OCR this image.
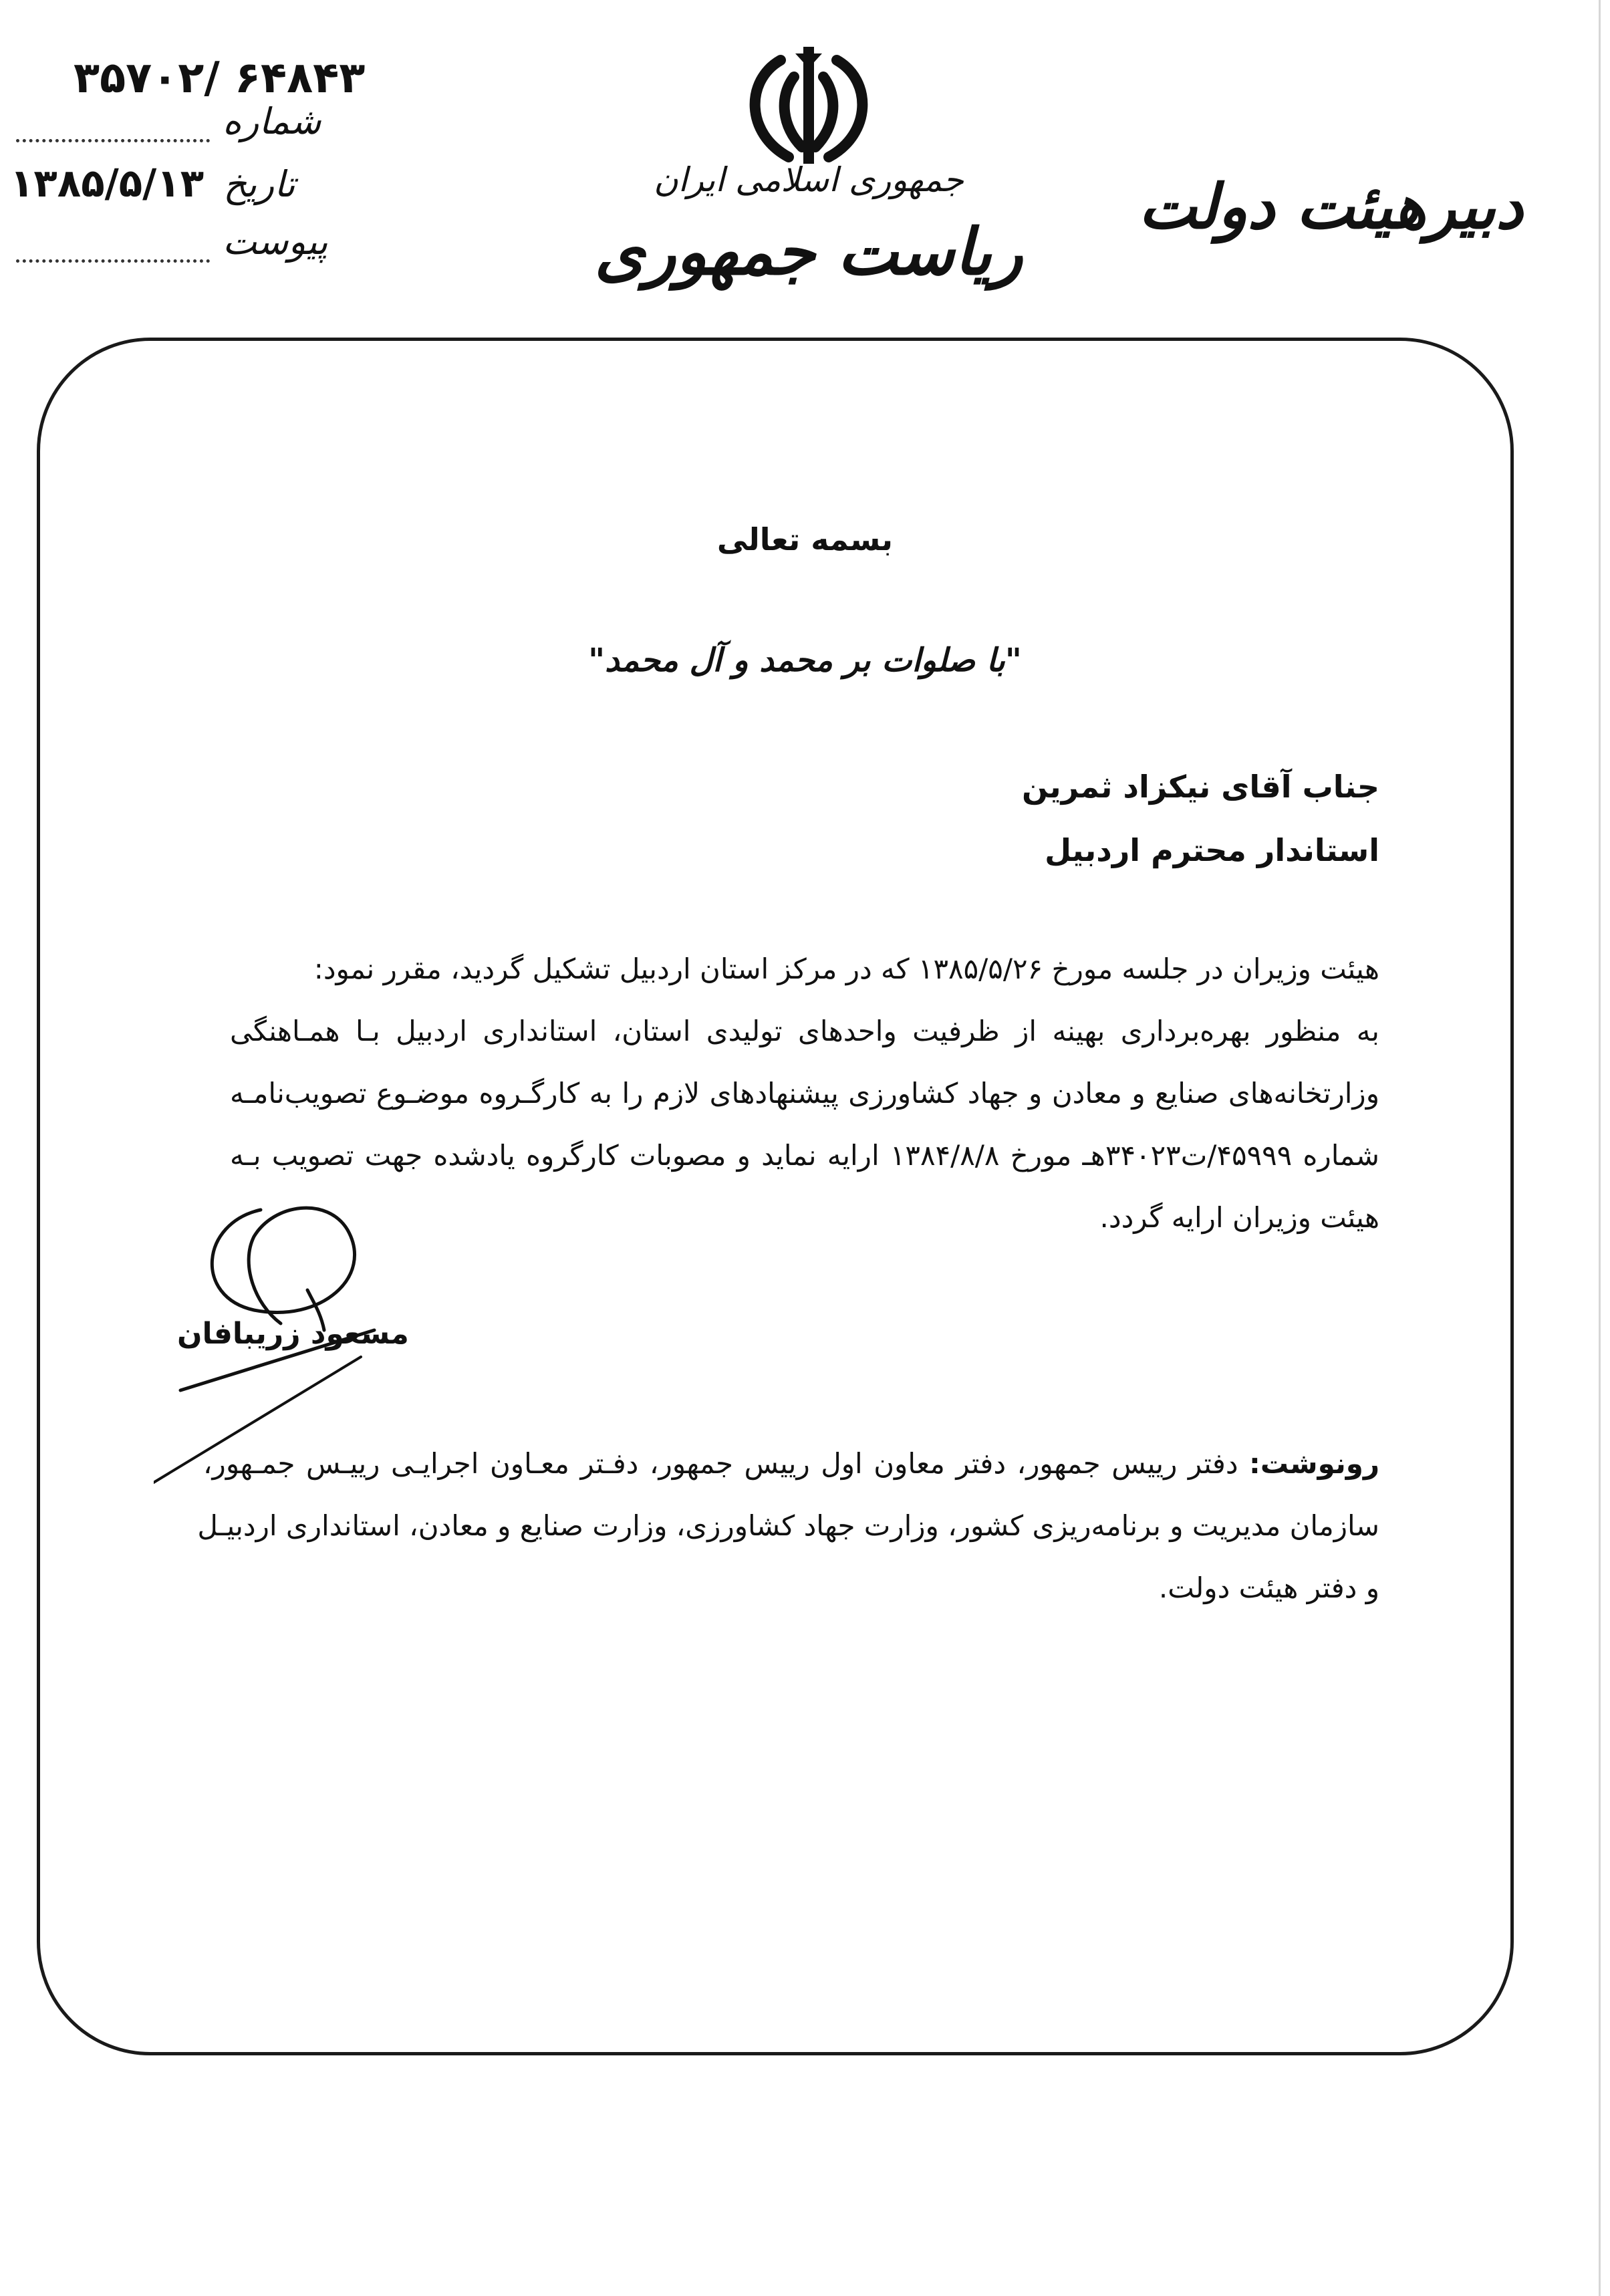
۳۵۷۰۲/ ۶۴۸۴۳
شماره
۱۳۸۵/۵/۱۳ تاریخ
پیوست
جمهوری اسلامی ایران
ریاست جمهوری
دبیرهیئت دولت
بسمه تعالی
"با صلوات بر محمد و آل محمد"
جناب آقای نیکزاد ثمرین
استاندار محترم اردبیل
هیئت وزیران در جلسه مورخ ۱۳۸۵/۵/۲۶ که در مرکز استان اردبیل تشکیل گردید، مقرر نمود:
به منظور بهره‌برداری بهینه از ظرفیت واحدهای تولیدی استان، استانداری اردبیل بـا همـاهنگی
وزارتخانه‌های صنایع و معادن و جهاد کشاورزی پیشنهادهای لازم را به کارگـروه موضـوع تصویب‌نامـه
شماره ۴۵۹۹۹/ت۳۴۰۲۳هـ مورخ ۱۳۸۴/۸/۸ ارایه نماید و مصوبات کارگروه یادشده جهت تصویب بـه
هیئت وزیران ارایه گردد.
مسعود زریبافان
رونوشت: دفتر رییس جمهور، دفتر معاون اول رییس جمهور، دفـتر معـاون اجرایـی رییـس جمـهور،
سازمان مدیریت و برنامه‌ریزی کشور، وزارت جهاد کشاورزی، وزارت صنایع و معادن، استانداری اردبیـل
و دفتر هیئت دولت.
